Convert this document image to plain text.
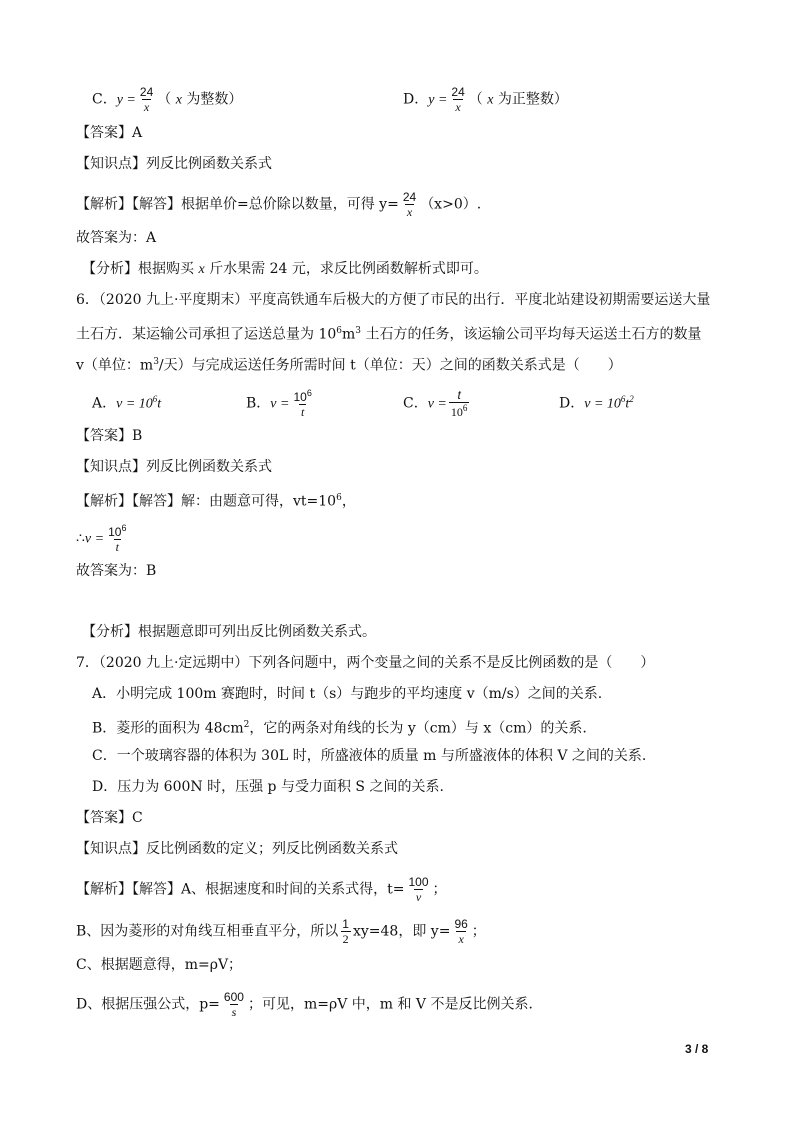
C．$y = \frac{24}{x}$ （ x 为整数）	D．$y = \frac{24}{x}$ （ x 为正整数）
【答案】A
【知识点】列反比例函数关系式
【解析】【解答】根据单价=总价除以数量，可得 $y= \frac{24}{x} (x>0)$.
故答案为：A
【分析】根据购买 x 斤水果需 24 元，求反比例函数解析式即可。
6．（2020 九上·平度期末）平度高铁通车后极大的方便了市民的出行．平度北站建设初期需要运送大量
土石方．某运输公司承担了运送总量为 $10^6m^3$ 土石方的任务，该运输公司平均每天运送土石方的数量
v（单位：$m^3/$天）与完成运送任务所需时间 t（单位：天）之间的函数关系式是（　　）
A．$v = 10^6t$	B．$v = \frac{10^6}{t}$	C．$v = \frac{t}{10^6}$	D．$v = 10^6t^2$
【答案】B
【知识点】列反比例函数关系式
【解析】【解答】解：由题意可得，$vt=10^6$，
∴v = $\frac{10^6}{t}$
故答案为：B
【分析】根据题意即可列出反比例函数关系式。
7．（2020 九上·定远期中）下列各问题中，两个变量之间的关系不是反比例函数的是（　　）
A．小明完成 100m 赛跑时，时间 t（s）与跑步的平均速度 v（m/s）之间的关系.
B．菱形的面积为 $48cm^2$，它的两条对角线的长为 y（cm）与 x（cm）的关系.
C．一个玻璃容器的体积为 30L 时，所盛液体的质量 m 与所盛液体的体积 V 之间的关系.
D．压力为 600N 时，压强 p 与受力面积 S 之间的关系.
【答案】C
【知识点】反比例函数的定义；列反比例函数关系式
【解析】【解答】A、根据速度和时间的关系式得，$t= \frac{100}{v}$ ；
B、因为菱形的对角线互相垂直平分，所以 $\frac{1}{2} xy=48$，即 $y= \frac{96}{x}$ ；
C、根据题意得，m=ρV；
D、根据压强公式，$p= \frac{600}{s}$ ；可见，m=ρV 中，m 和 V 不是反比例关系．
3 / 8
